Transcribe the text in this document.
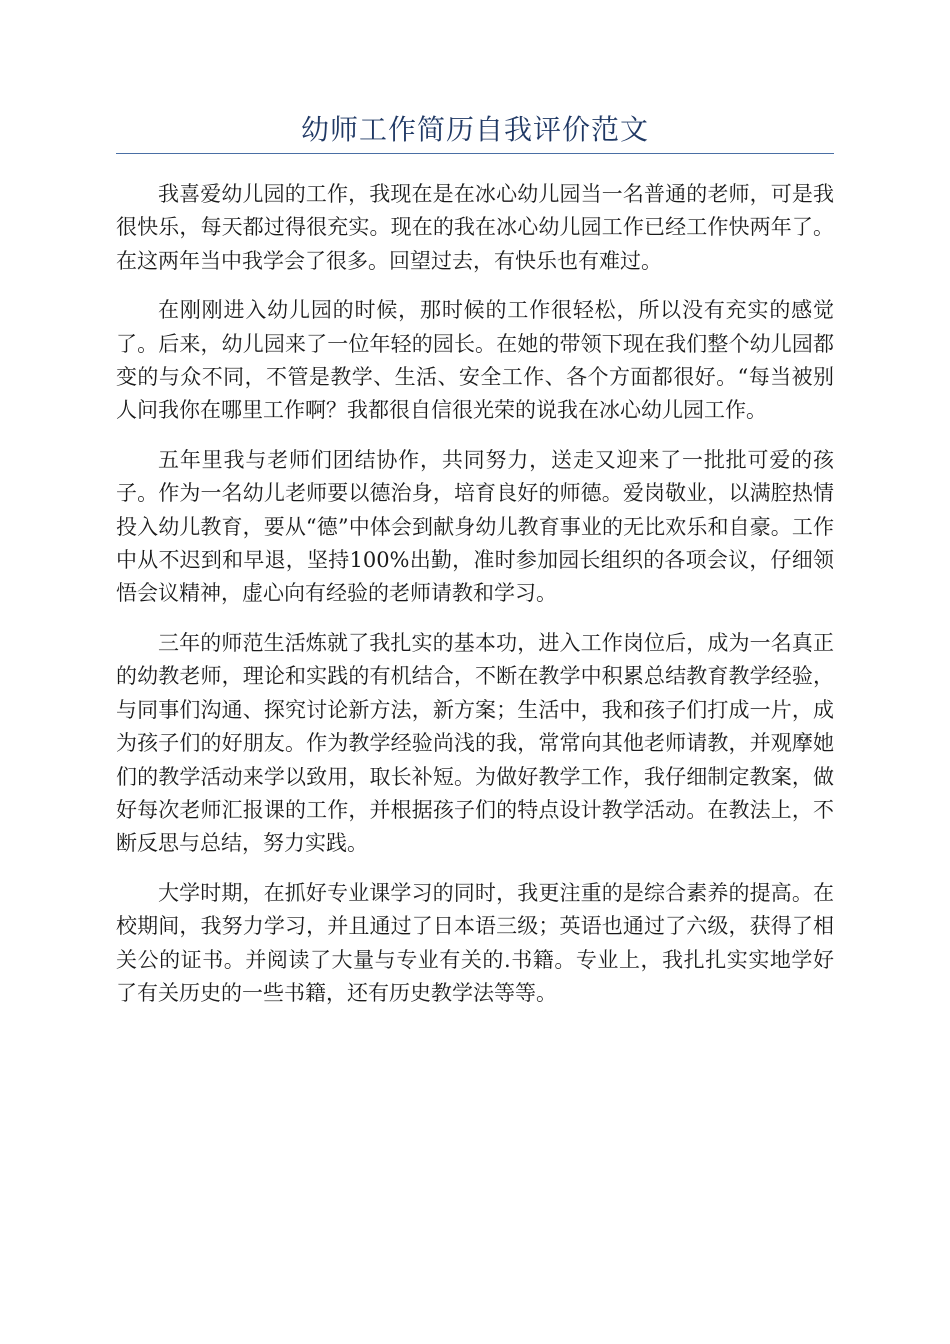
幼师工作简历自我评价范文

我喜爱幼儿园的工作，我现在是在冰心幼儿园当一名普通的老师，可是我很快乐，每天都过得很充实。现在的我在冰心幼儿园工作已经工作快两年了。在这两年当中我学会了很多。回望过去，有快乐也有难过。

在刚刚进入幼儿园的时候，那时候的工作很轻松，所以没有充实的感觉了。后来，幼儿园来了一位年轻的园长。在她的带领下现在我们整个幼儿园都变的与众不同，不管是教学、生活、安全工作、各个方面都很好。“每当被别人问我你在哪里工作啊？我都很自信很光荣的说我在冰心幼儿园工作。

五年里我与老师们团结协作，共同努力，送走又迎来了一批批可爱的孩子。作为一名幼儿老师要以德治身，培育良好的师德。爱岗敬业，以满腔热情投入幼儿教育，要从“德”中体会到献身幼儿教育事业的无比欢乐和自豪。工作中从不迟到和早退，坚持100%出勤，准时参加园长组织的各项会议，仔细领悟会议精神，虚心向有经验的老师请教和学习。

三年的师范生活炼就了我扎实的基本功，进入工作岗位后，成为一名真正的幼教老师，理论和实践的有机结合，不断在教学中积累总结教育教学经验，与同事们沟通、探究讨论新方法，新方案；生活中，我和孩子们打成一片，成为孩子们的好朋友。作为教学经验尚浅的我，常常向其他老师请教，并观摩她们的教学活动来学以致用，取长补短。为做好教学工作，我仔细制定教案，做好每次老师汇报课的工作，并根据孩子们的特点设计教学活动。在教法上，不断反思与总结，努力实践。

大学时期，在抓好专业课学习的同时，我更注重的是综合素养的提高。在校期间，我努力学习，并且通过了日本语三级；英语也通过了六级，获得了相关公的证书。并阅读了大量与专业有关的.书籍。专业上，我扎扎实实地学好了有关历史的一些书籍，还有历史教学法等等。
